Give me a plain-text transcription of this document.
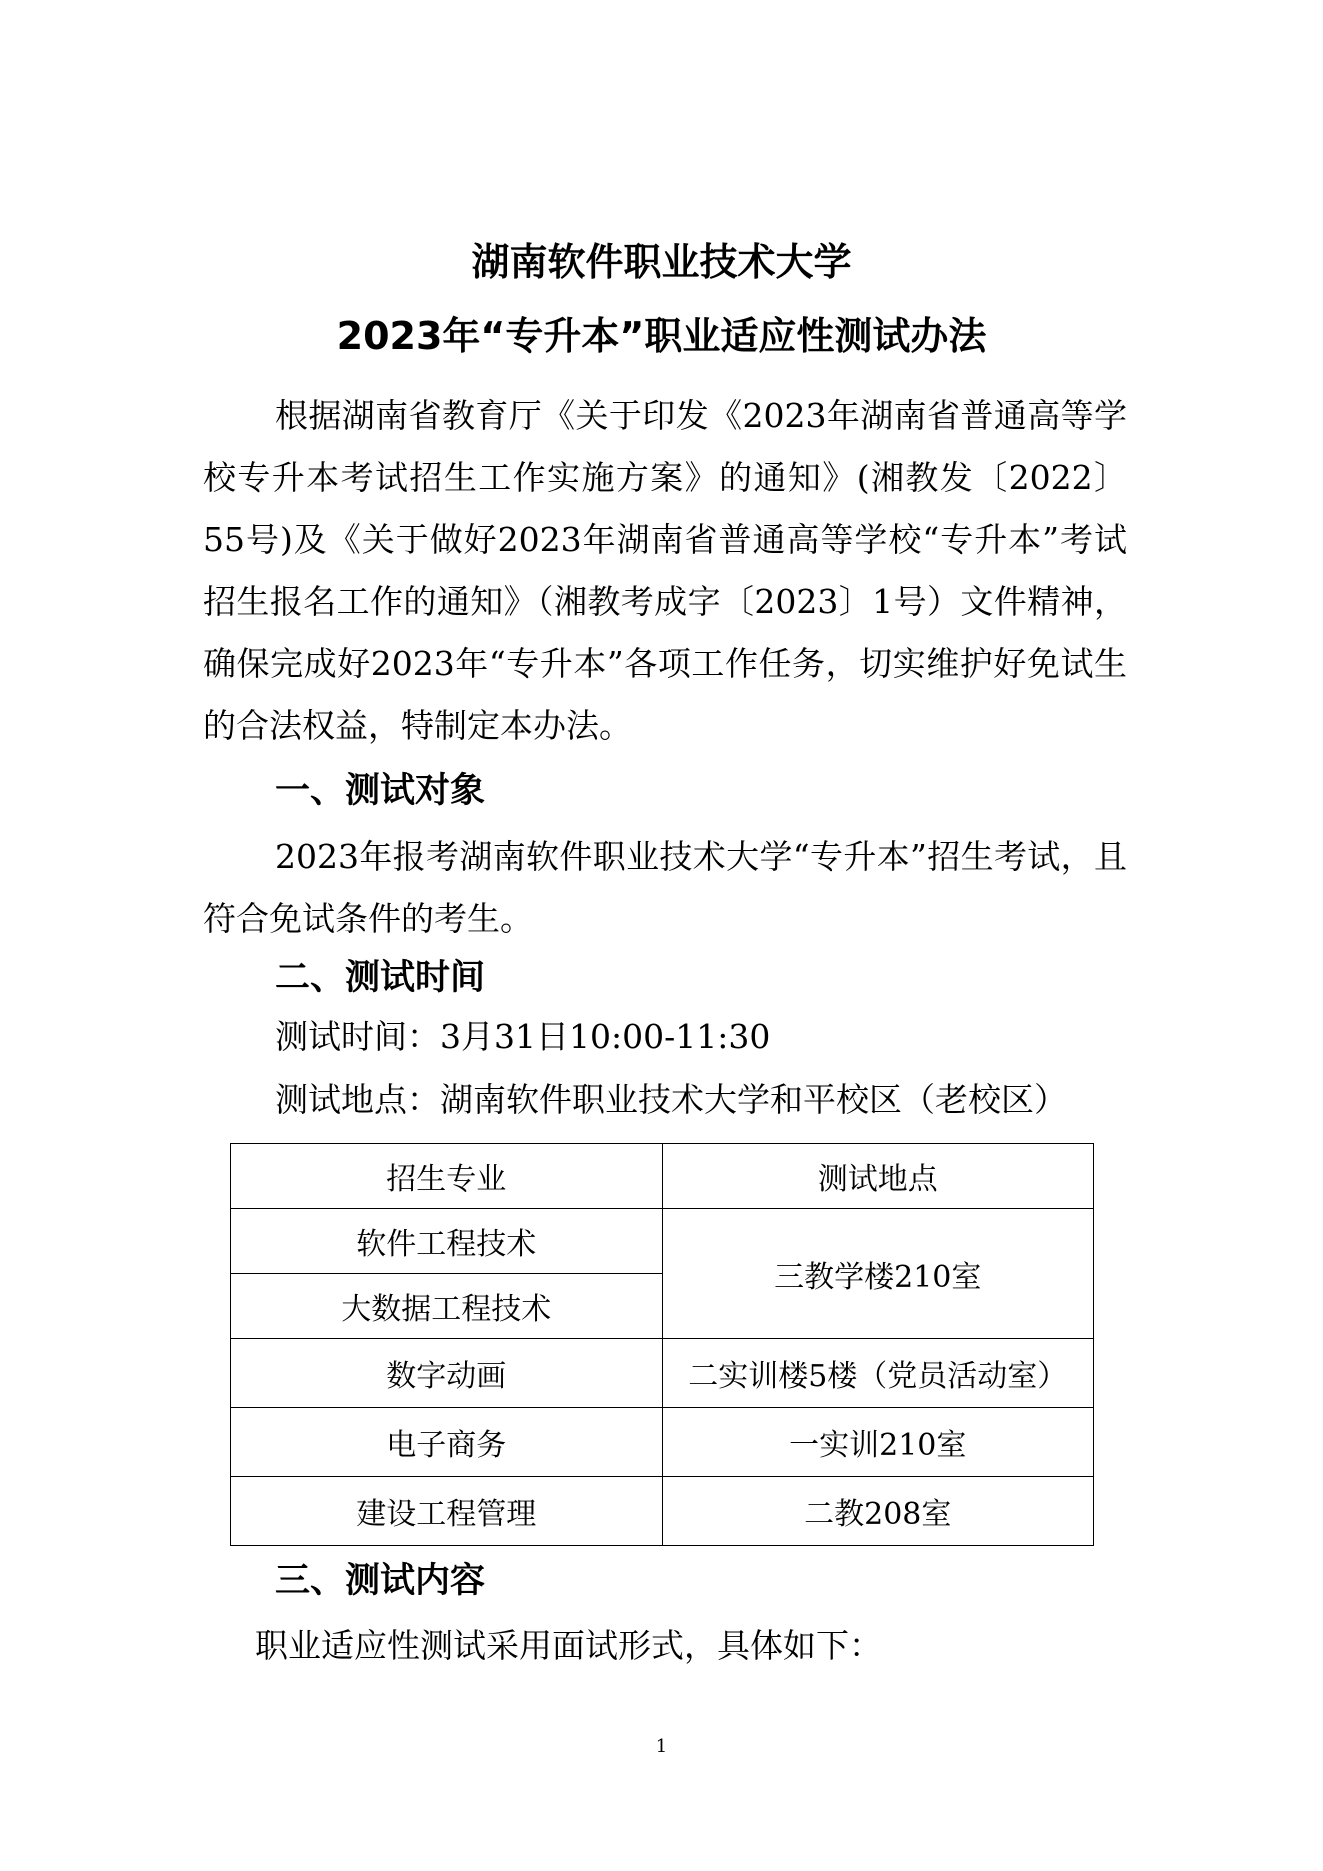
湖南软件职业技术大学
2023年“专升本”职业适应性测试办法

根据湖南省教育厅《关于印发《2023年湖南省普通高等学校专升本考试招生工作实施方案》的通知》(湘教发〔2022〕55号)及《关于做好2023年湖南省普通高等学校“专升本”考试招生报名工作的通知》（湘教考成字〔2023〕1号）文件精神，确保完成好2023年“专升本”各项工作任务，切实维护好免试生的合法权益，特制定本办法。

一、测试对象

2023年报考湖南软件职业技术大学“专升本”招生考试，且符合免试条件的考生。

二、测试时间
测试时间：3月31日10:00-11:30
测试地点：湖南软件职业技术大学和平校区（老校区）
招生专业	测试地点
软件工程技术	三教学楼210室
大数据工程技术	
数字动画	二实训楼5楼（党员活动室）
电子商务	一实训210室
建设工程管理	二教208室
三、测试内容
职业适应性测试采用面试形式，具体如下：
1
